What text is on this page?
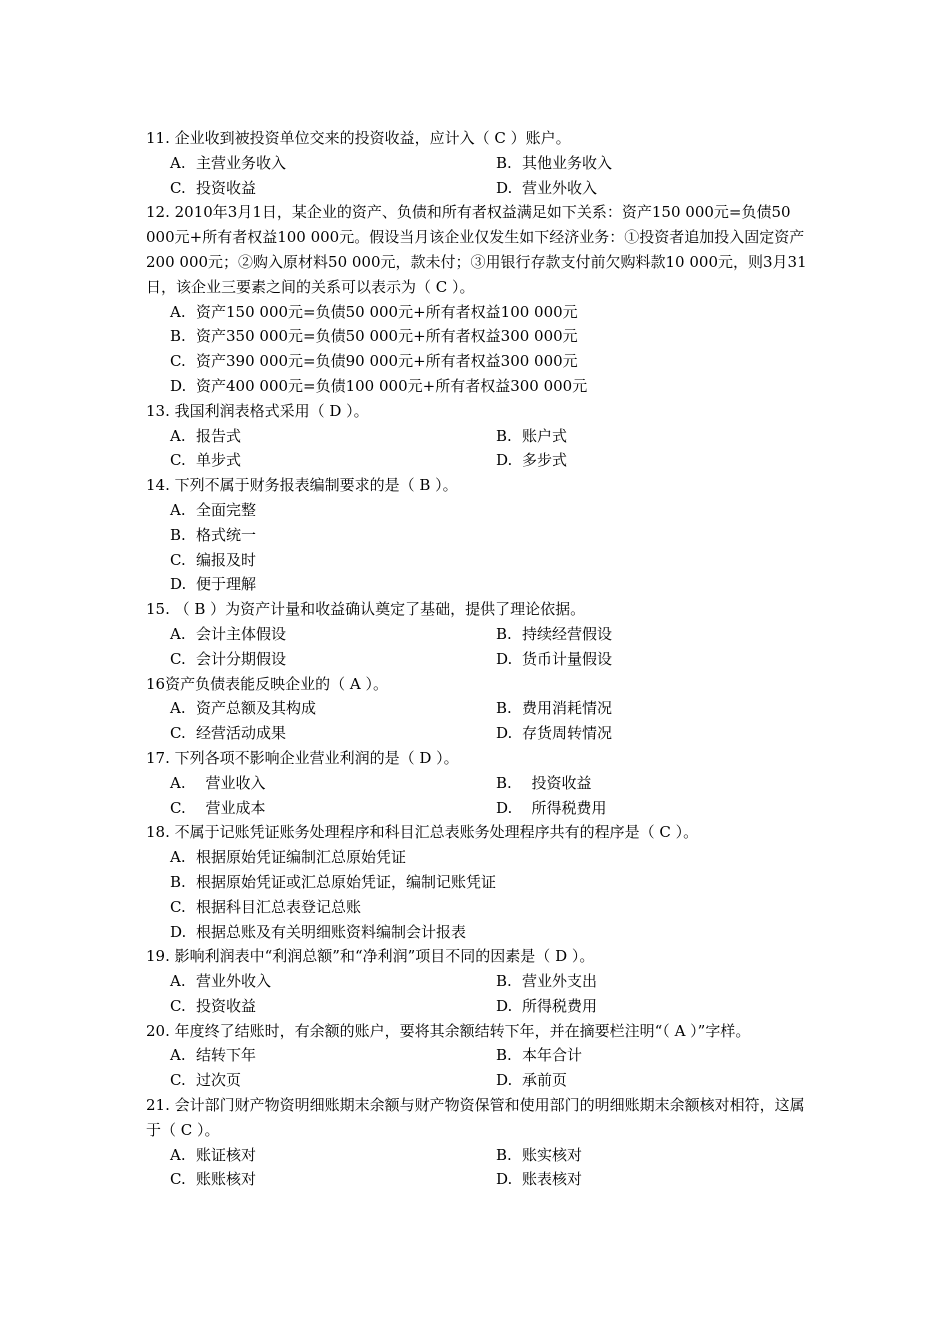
11. 企业收到被投资单位交来的投资收益，应计入（ C ）账户。

A. 主营业务收入	B. 其他业务收入
C. 投资收益	D. 营业外收入

12. 2010年3月1日，某企业的资产、负债和所有者权益满足如下关系：资产150 000元=负债50 000元+所有者权益100 000元。假设当月该企业仅发生如下经济业务：①投资者追加投入固定资产200 000元；②购入原材料50 000元，款未付；③用银行存款支付前欠购料款10 000元，则3月31日，该企业三要素之间的关系可以表示为（ C ）。

A. 资产150 000元=负债50 000元+所有者权益100 000元
B. 资产350 000元=负债50 000元+所有者权益300 000元
C. 资产390 000元=负债90 000元+所有者权益300 000元
D. 资产400 000元=负债100 000元+所有者权益300 000元

13. 我国利润表格式采用（ D ）。

A. 报告式	B. 账户式
C. 单步式	D. 多步式

14. 下列不属于财务报表编制要求的是（ B ）。

A. 全面完整
B. 格式统一
C. 编报及时
D. 便于理解

15. （ B ）为资产计量和收益确认奠定了基础，提供了理论依据。

A. 会计主体假设	B. 持续经营假设
C. 会计分期假设	D. 货币计量假设

16资产负债表能反映企业的（ A ）。

A. 资产总额及其构成	B. 费用消耗情况
C. 经营活动成果	D. 存货周转情况

17. 下列各项不影响企业营业利润的是（ D ）。

A.  营业收入	B.  投资收益
C.  营业成本	D.  所得税费用

18. 不属于记账凭证账务处理程序和科目汇总表账务处理程序共有的程序是（ C ）。

A. 根据原始凭证编制汇总原始凭证
B. 根据原始凭证或汇总原始凭证，编制记账凭证
C. 根据科目汇总表登记总账
D. 根据总账及有关明细账资料编制会计报表

19. 影响利润表中“利润总额”和“净利润”项目不同的因素是（ D ）。

A. 营业外收入	B. 营业外支出
C. 投资收益	D. 所得税费用

20. 年度终了结账时，有余额的账户，要将其余额结转下年，并在摘要栏注明“（ A ）”字样。

A. 结转下年	B. 本年合计
C. 过次页	D. 承前页

21. 会计部门财产物资明细账期末余额与财产物资保管和使用部门的明细账期末余额核对相符，这属于（ C ）。

A. 账证核对	B. 账实核对
C. 账账核对	D. 账表核对
